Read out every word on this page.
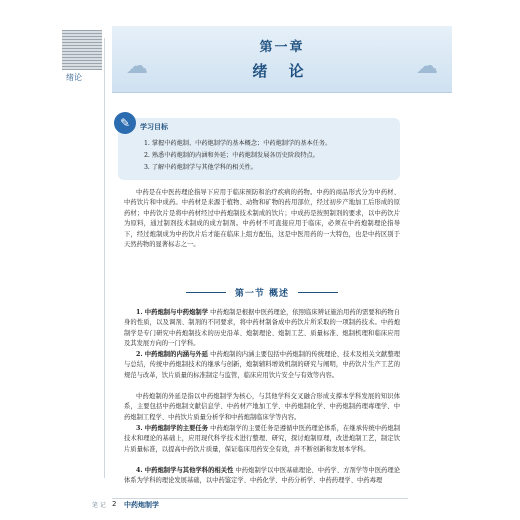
绪论 ☁	☁
第一章
绪 论
✎	学习目标
1. 掌握中药炮制、中药炮制学的基本概念；中药炮制学的基本任务。
2. 熟悉中药炮制的内涵和外延；中药炮制发展各历史阶段特点。
3. 了解中药炮制学与其他学科的相关性。
中药是在中医药理论指导下应用于临床预防和治疗疾病的药物。中药的商品形式分为中药材、中药饮片和中成药。中药材是来源于植物、动物和矿物的药用部位，经过初步产地加工后形成的原药材；中药饮片是将中药材经过中药炮制技术制成的饮片；中成药是按照制剂的要求，以中药饮片为原料，通过制剂技术制成的成方制剂。中药材不可直接应用于临床，必须在中药炮制理论指导下，经过炮制成为中药饮片后才能在临床上组方配伍，这是中医用药的一大特色，也是中药区别于天然药物的显著标志之一。
第一节 概述
1. 中药炮制与中药炮制学 中药炮制是根据中医药理论，依照临床辨证施治用药的需要和药物自身的性质，以及调剂、制剂的不同要求，将中药材制备成中药饮片所采取的一项制药技术。中药炮制学是专门研究中药炮制技术的历史沿革、炮制理论、炮制工艺、质量标准、炮制机理和临床应用及其发展方向的一门学科。
2. 中药炮制的内涵与外延 中药炮制的内涵主要包括中药炮制的传统理论、技术及相关文献整理与总结，传统中药炮制技术的继承与创新，炮制辅料增效机制的研究与阐明，中药饮片生产工艺的规范与改革，饮片质量的标准制定与监管，临床应用饮片安全与有效等内容。
中药炮制的外延是指以中药炮制学为核心，与其他学科交叉融合形成支撑本学科发展的知识体系，主要包括中药炮制文献信息学、中药材产地加工学、中药炮制化学、中药炮制药理毒理学、中药炮制工程学、中药饮片质量分析学和中药炮制临床学等内容。
3. 中药炮制学的主要任务 中药炮制学的主要任务是遵循中医药理论体系，在继承传统中药炮制技术和理论的基础上，应用现代科学技术进行整理、研究，探讨炮制原理，改进炮制工艺，制定饮片质量标准，以提高中药饮片质量，保证临床用药安全有效，并不断创新和发展本学科。
4. 中药炮制学与其他学科的相关性 中药炮制学以中医基础理论、中药学、方剂学等中医药理论体系为学科的理论发展基础，以中药鉴定学、中药化学、中药分析学、中药药理学、中药毒理
笔 记 2 中药炮制学
